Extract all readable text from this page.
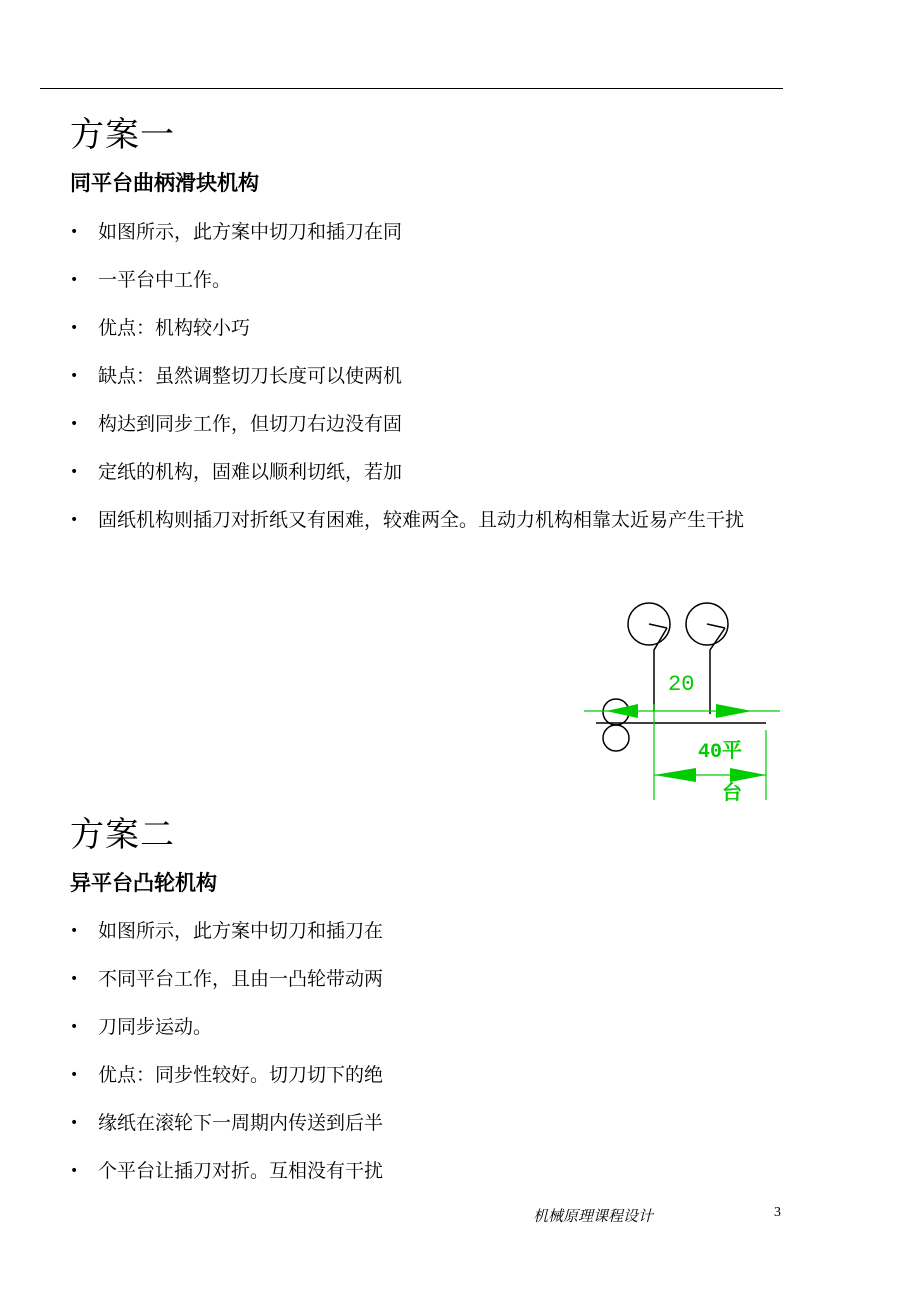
方案一
同平台曲柄滑块机构
• 如图所示，此方案中切刀和插刀在同
• 一平台中工作。
• 优点：机构较小巧
• 缺点：虽然调整切刀长度可以使两机
• 构达到同步工作，但切刀右边没有固
• 定纸的机构，固难以顺利切纸，若加
• 固纸机构则插刀对折纸又有困难，较难两全。且动力机构相靠太近易产生干扰
20
40平
台
方案二
异平台凸轮机构
• 如图所示，此方案中切刀和插刀在
• 不同平台工作，且由一凸轮带动两
• 刀同步运动。
• 优点：同步性较好。切刀切下的绝
• 缘纸在滚轮下一周期内传送到后半
• 个平台让插刀对折。互相没有干扰
机械原理课程设计	3
